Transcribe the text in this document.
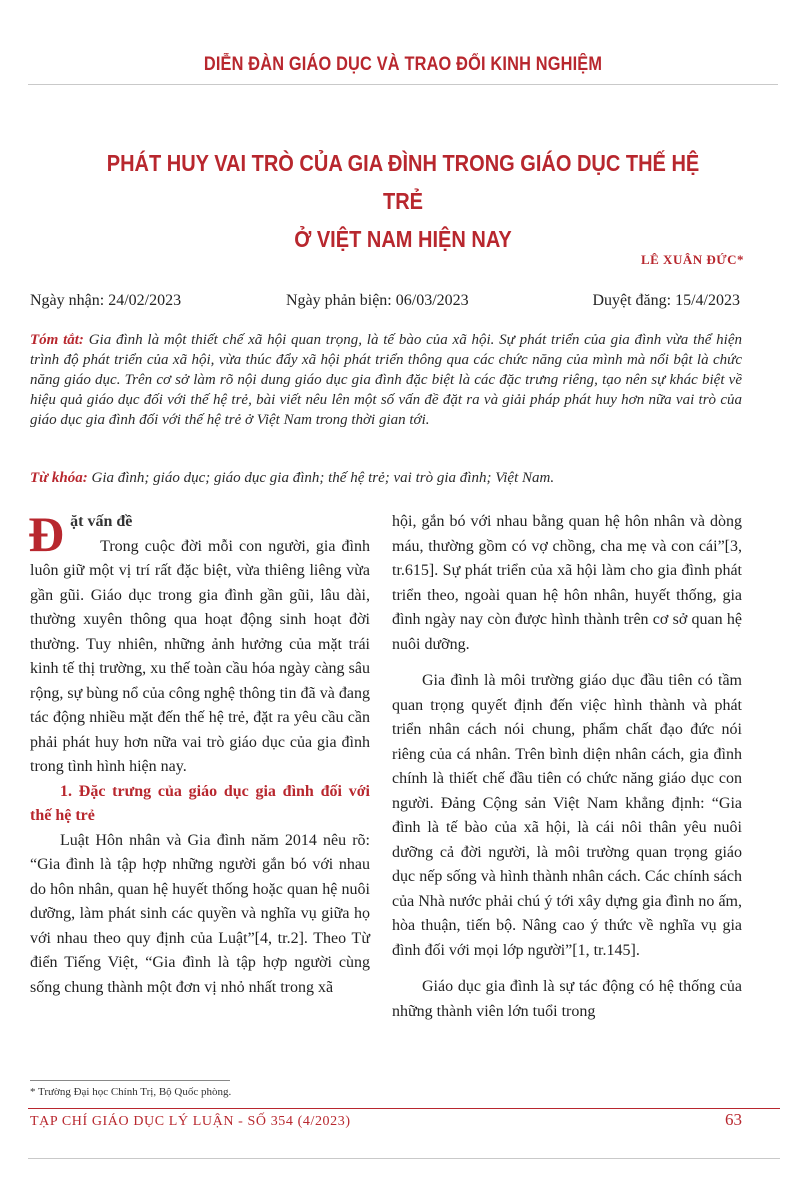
DIỄN ĐÀN GIÁO DỤC VÀ TRAO ĐỔI KINH NGHIỆM
PHÁT HUY VAI TRÒ CỦA GIA ĐÌNH TRONG GIÁO DỤC THẾ HỆ TRẺ
Ở VIỆT NAM HIỆN NAY
LÊ XUÂN ĐỨC*
Ngày nhận: 24/02/2023	Ngày phản biện: 06/03/2023	Duyệt đăng: 15/4/2023
Tóm tắt: Gia đình là một thiết chế xã hội quan trọng, là tế bào của xã hội. Sự phát triển của gia đình vừa thể hiện trình độ phát triển của xã hội, vừa thúc đẩy xã hội phát triển thông qua các chức năng của mình mà nổi bật là chức năng giáo dục. Trên cơ sở làm rõ nội dung giáo dục gia đình đặc biệt là các đặc trưng riêng, tạo nên sự khác biệt về hiệu quả giáo dục đối với thế hệ trẻ, bài viết nêu lên một số vấn đề đặt ra và giải pháp phát huy hơn nữa vai trò của giáo dục gia đình đối với thế hệ trẻ ở Việt Nam trong thời gian tới.
Từ khóa: Gia đình; giáo dục; giáo dục gia đình; thế hệ trẻ; vai trò gia đình; Việt Nam.

Đặt vấn đề

Trong cuộc đời mỗi con người, gia đình luôn giữ một vị trí rất đặc biệt, vừa thiêng liêng vừa gần gũi. Giáo dục trong gia đình gần gũi, lâu dài, thường xuyên thông qua hoạt động sinh hoạt đời thường. Tuy nhiên, những ảnh hưởng của mặt trái kinh tế thị trường, xu thế toàn cầu hóa ngày càng sâu rộng, sự bùng nổ của công nghệ thông tin đã và đang tác động nhiều mặt đến thế hệ trẻ, đặt ra yêu cầu cần phải phát huy hơn nữa vai trò giáo dục của gia đình trong tình hình hiện nay.

1. Đặc trưng của giáo dục gia đình đối với thế hệ trẻ

Luật Hôn nhân và Gia đình năm 2014 nêu rõ: “Gia đình là tập hợp những người gắn bó với nhau do hôn nhân, quan hệ huyết thống hoặc quan hệ nuôi dưỡng, làm phát sinh các quyền và nghĩa vụ giữa họ với nhau theo quy định của Luật”[4, tr.2]. Theo Từ điển Tiếng Việt, “Gia đình là tập hợp người cùng sống chung thành một đơn vị nhỏ nhất trong xã

hội, gắn bó với nhau bằng quan hệ hôn nhân và dòng máu, thường gồm có vợ chồng, cha mẹ và con cái”[3, tr.615]. Sự phát triển của xã hội làm cho gia đình phát triển theo, ngoài quan hệ hôn nhân, huyết thống, gia đình ngày nay còn được hình thành trên cơ sở quan hệ nuôi dưỡng.

Gia đình là môi trường giáo dục đầu tiên có tầm quan trọng quyết định đến việc hình thành và phát triển nhân cách nói chung, phẩm chất đạo đức nói riêng của cá nhân. Trên bình diện nhân cách, gia đình chính là thiết chế đầu tiên có chức năng giáo dục con người. Đảng Cộng sản Việt Nam khẳng định: “Gia đình là tế bào của xã hội, là cái nôi thân yêu nuôi dưỡng cả đời người, là môi trường quan trọng giáo dục nếp sống và hình thành nhân cách. Các chính sách của Nhà nước phải chú ý tới xây dựng gia đình no ấm, hòa thuận, tiến bộ. Nâng cao ý thức về nghĩa vụ gia đình đối với mọi lớp người”[1, tr.145].

Giáo dục gia đình là sự tác động có hệ thống của những thành viên lớn tuổi trong

* Trường Đại học Chính Trị, Bộ Quốc phòng.
TẠP CHÍ GIÁO DỤC LÝ LUẬN - SỐ 354 (4/2023)	63
